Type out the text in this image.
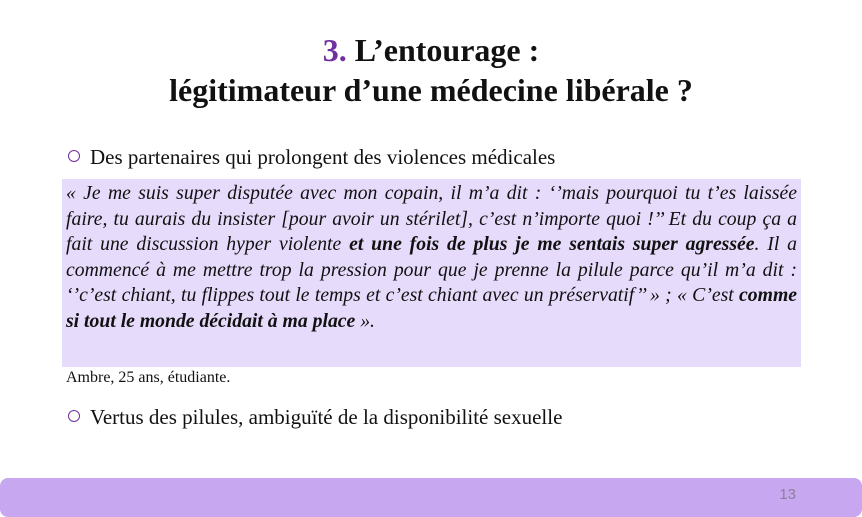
3. L’entourage :
légitimateur d’une médecine libérale ?
Des partenaires qui prolongent des violences médicales
« Je me suis super disputée avec mon copain, il m’a dit : ‘’mais pourquoi tu t’es laissée faire, tu aurais du insister [pour avoir un stérilet], c’est n’importe quoi !’’ Et du coup ça a fait une discussion hyper violente et une fois de plus je me sentais super agressée. Il a commencé à me mettre trop la pression pour que je prenne la pilule parce qu’il m’a dit : ‘’c’est chiant, tu flippes tout le temps et c’est chiant avec un préservatif’’ » ; « C’est comme si tout le monde décidait à ma place ».
Ambre, 25 ans, étudiante.
Vertus des pilules, ambiguïté de la disponibilité sexuelle
13
